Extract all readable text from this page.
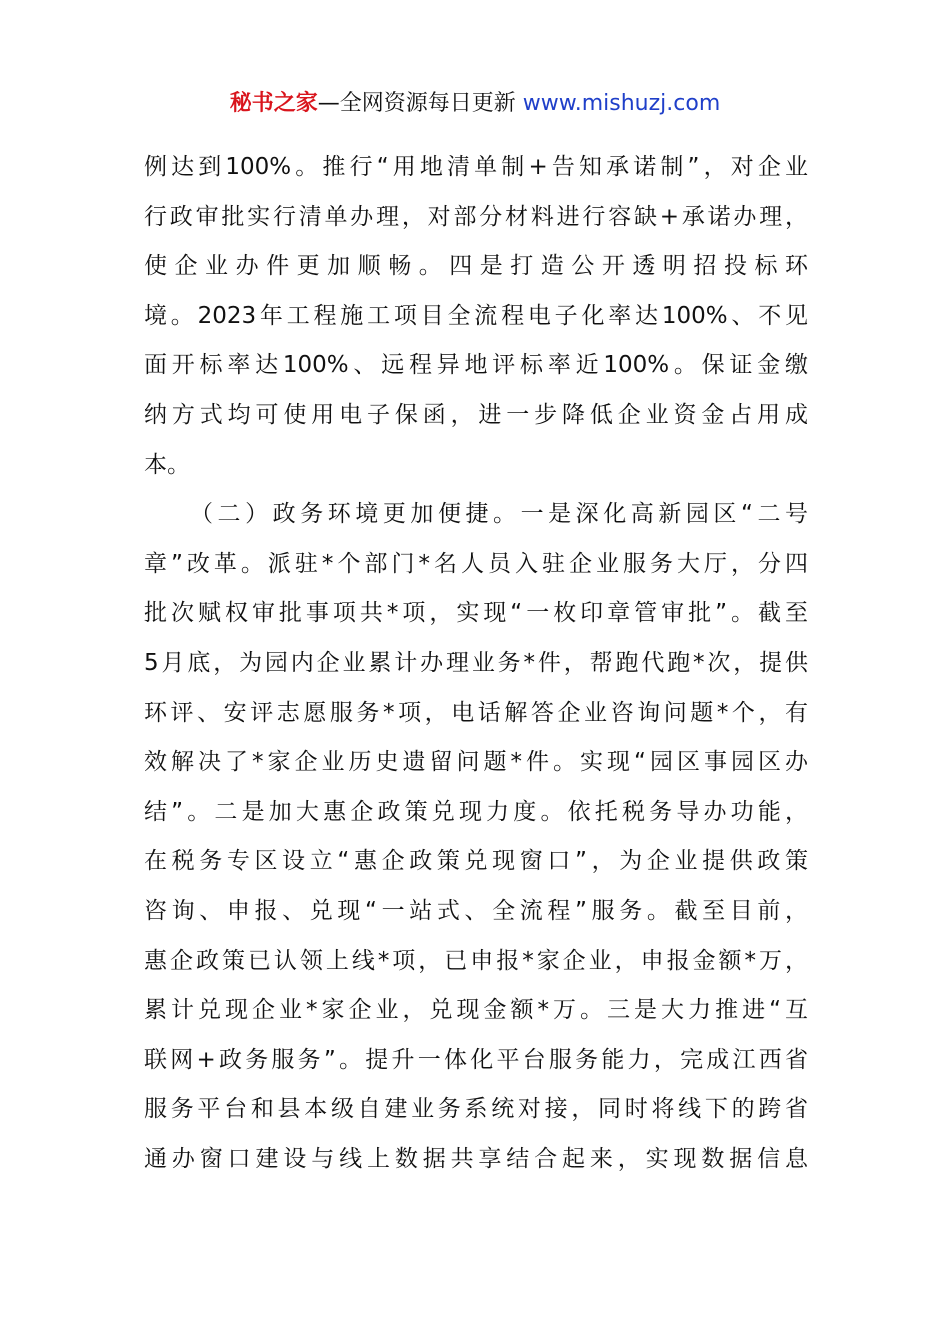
秘书之家—全网资源每日更新 www.mishuzj.com
例达到100%。推行“用地清单制+告知承诺制”，对企业
行政审批实行清单办理，对部分材料进行容缺+承诺办理，
使企业办件更加顺畅。四是打造公开透明招投标环
境。2023年工程施工项目全流程电子化率达100%、不见
面开标率达100%、远程异地评标率近100%。保证金缴
纳方式均可使用电子保函，进一步降低企业资金占用成
本。
（二）政务环境更加便捷。一是深化高新园区“二号
章”改革。派驻*个部门*名人员入驻企业服务大厅，分四
批次赋权审批事项共*项，实现“一枚印章管审批”。截至
5月底，为园内企业累计办理业务*件，帮跑代跑*次，提供
环评、安评志愿服务*项，电话解答企业咨询问题*个，有
效解决了*家企业历史遗留问题*件。实现“园区事园区办
结”。二是加大惠企政策兑现力度。依托税务导办功能，
在税务专区设立“惠企政策兑现窗口”，为企业提供政策
咨询、申报、兑现“一站式、全流程”服务。截至目前，
惠企政策已认领上线*项，已申报*家企业，申报金额*万，
累计兑现企业*家企业，兑现金额*万。三是大力推进“互
联网+政务服务”。提升一体化平台服务能力，完成江西省
服务平台和县本级自建业务系统对接，同时将线下的跨省
通办窗口建设与线上数据共享结合起来，实现数据信息
